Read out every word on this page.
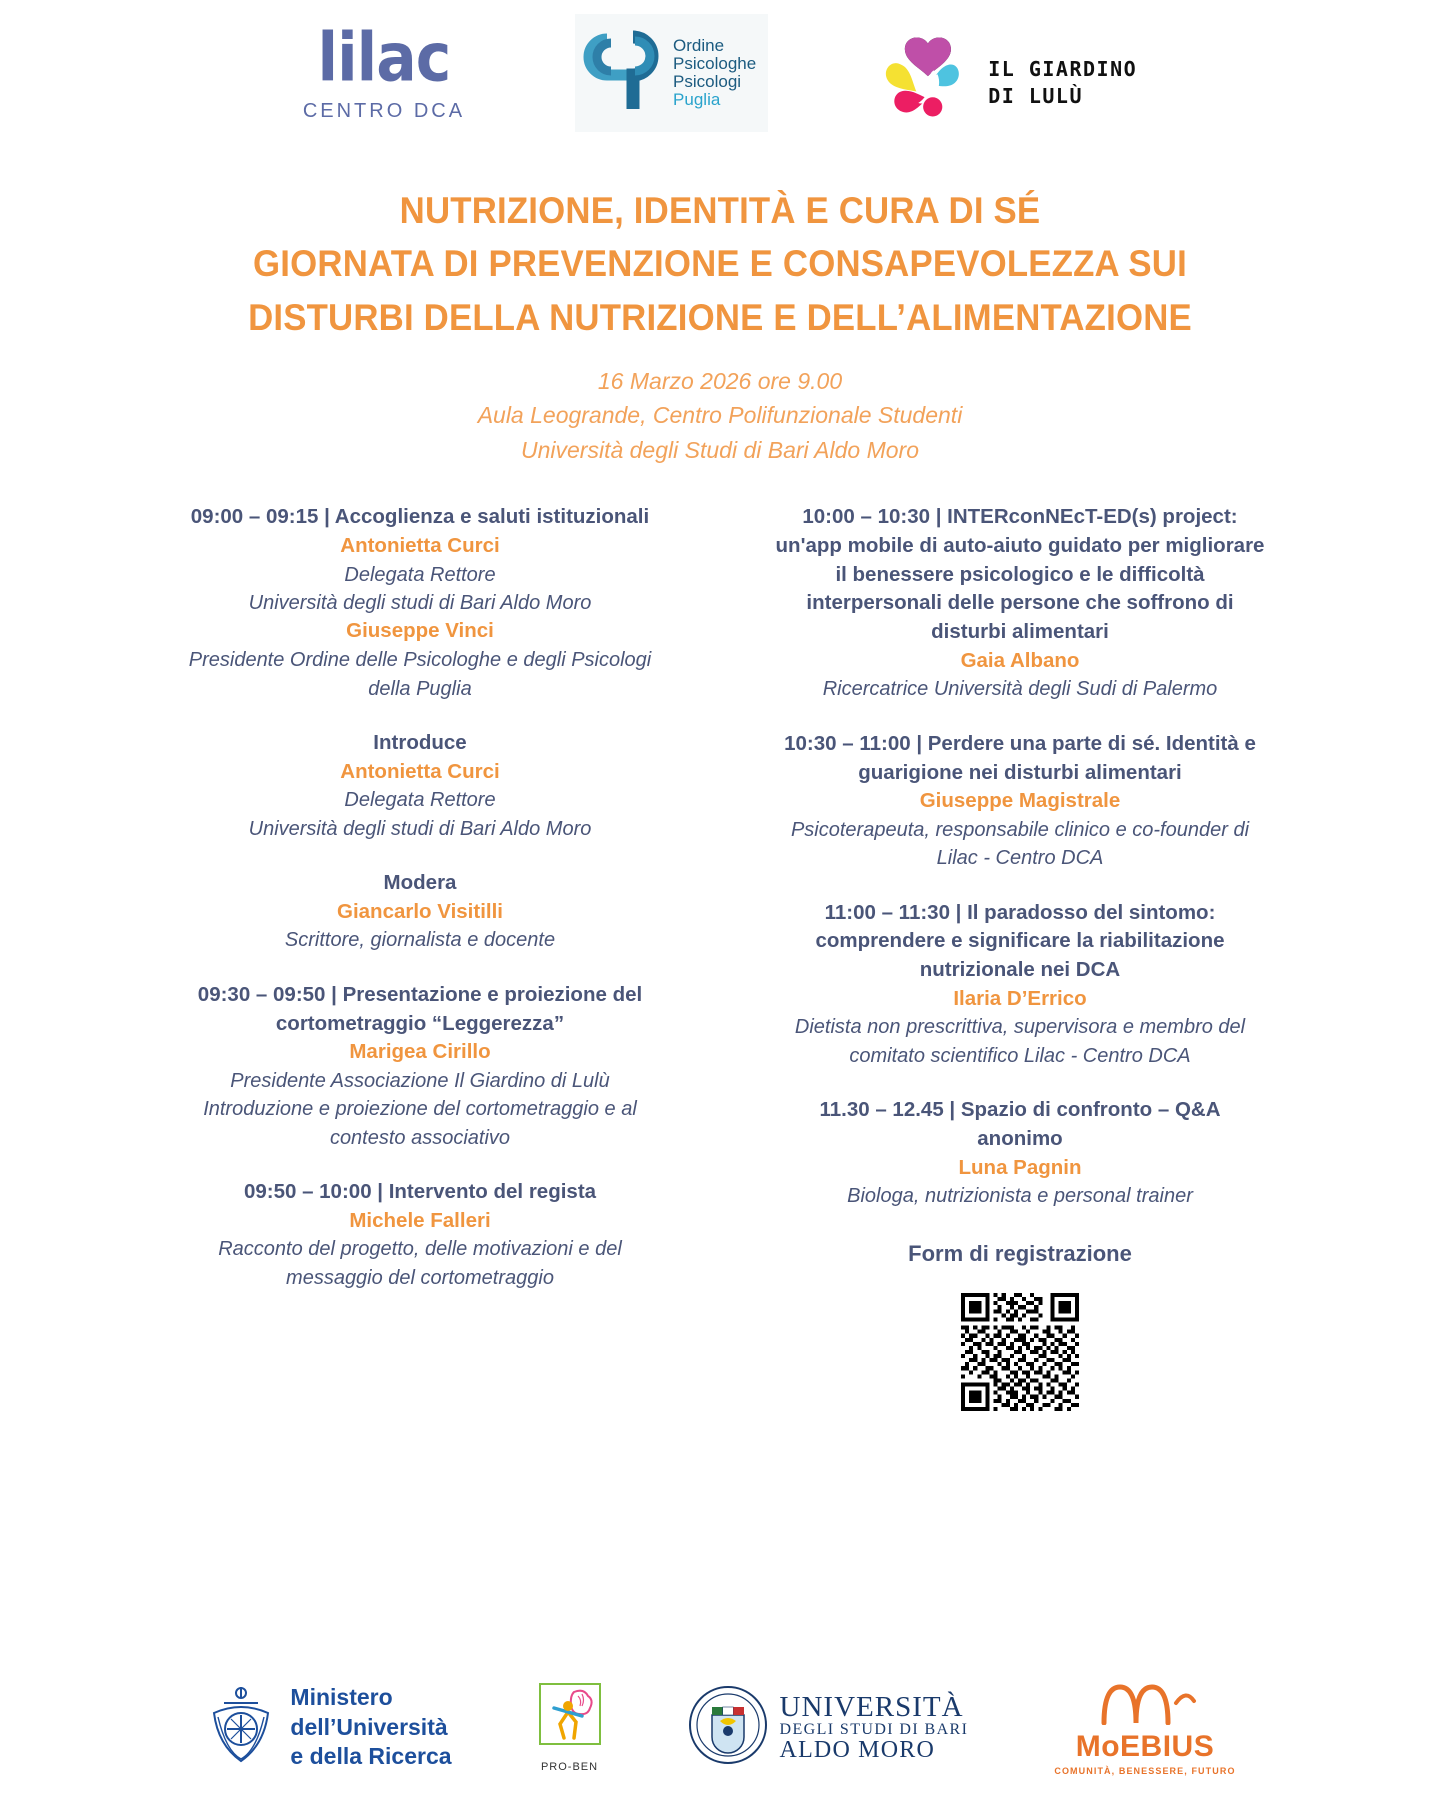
lilac
CENTRO DCA
Ordine
Psicologhe
Psicologi
Puglia
IL GIARDINO
DI LULÙ
NUTRIZIONE, IDENTITÀ E CURA DI SÉ
GIORNATA DI PREVENZIONE E CONSAPEVOLEZZA SUI
DISTURBI DELLA NUTRIZIONE E DELL’ALIMENTAZIONE
16 Marzo 2026 ore 9.00
Aula Leogrande, Centro Polifunzionale Studenti
Università degli Studi di Bari Aldo Moro
09:00 – 09:15 | Accoglienza e saluti istituzionali
Antonietta Curci
Delegata Rettore
Università degli studi di Bari Aldo Moro
Giuseppe Vinci
Presidente Ordine delle Psicologhe e degli Psicologi della Puglia
Introduce
Antonietta Curci
Delegata Rettore
Università degli studi di Bari Aldo Moro
Modera
Giancarlo Visitilli
Scrittore, giornalista e docente
09:30 – 09:50 | Presentazione e proiezione del cortometraggio “Leggerezza”
Marigea Cirillo
Presidente Associazione Il Giardino di Lulù
Introduzione e proiezione del cortometraggio e al contesto associativo
09:50 – 10:00 | Intervento del regista
Michele Falleri
Racconto del progetto, delle motivazioni e del messaggio del cortometraggio
10:00 – 10:30 | INTERconNEcT-ED(s) project: un'app mobile di auto-aiuto guidato per migliorare il benessere psicologico e le difficoltà interpersonali delle persone che soffrono di disturbi alimentari
Gaia Albano
Ricercatrice Università degli Sudi di Palermo
10:30 – 11:00 | Perdere una parte di sé. Identità e guarigione nei disturbi alimentari
Giuseppe Magistrale
Psicoterapeuta, responsabile clinico e co-founder di Lilac - Centro DCA
11:00 – 11:30 | Il paradosso del sintomo: comprendere e significare la riabilitazione nutrizionale nei DCA
Ilaria D’Errico
Dietista non prescrittiva, supervisora e membro del comitato scientifico Lilac - Centro DCA
11.30 – 12.45 | Spazio di confronto – Q&A anonimo
Luna Pagnin
Biologa, nutrizionista e personal trainer
Form di registrazione
Ministero
dell’Università
e della Ricerca	PRO-BEN
UNIVERSITÀ
DEGLI STUDI DI BARI
ALDO MORO	MoEBIUS
COMUNITÀ, BENESSERE, FUTURO
